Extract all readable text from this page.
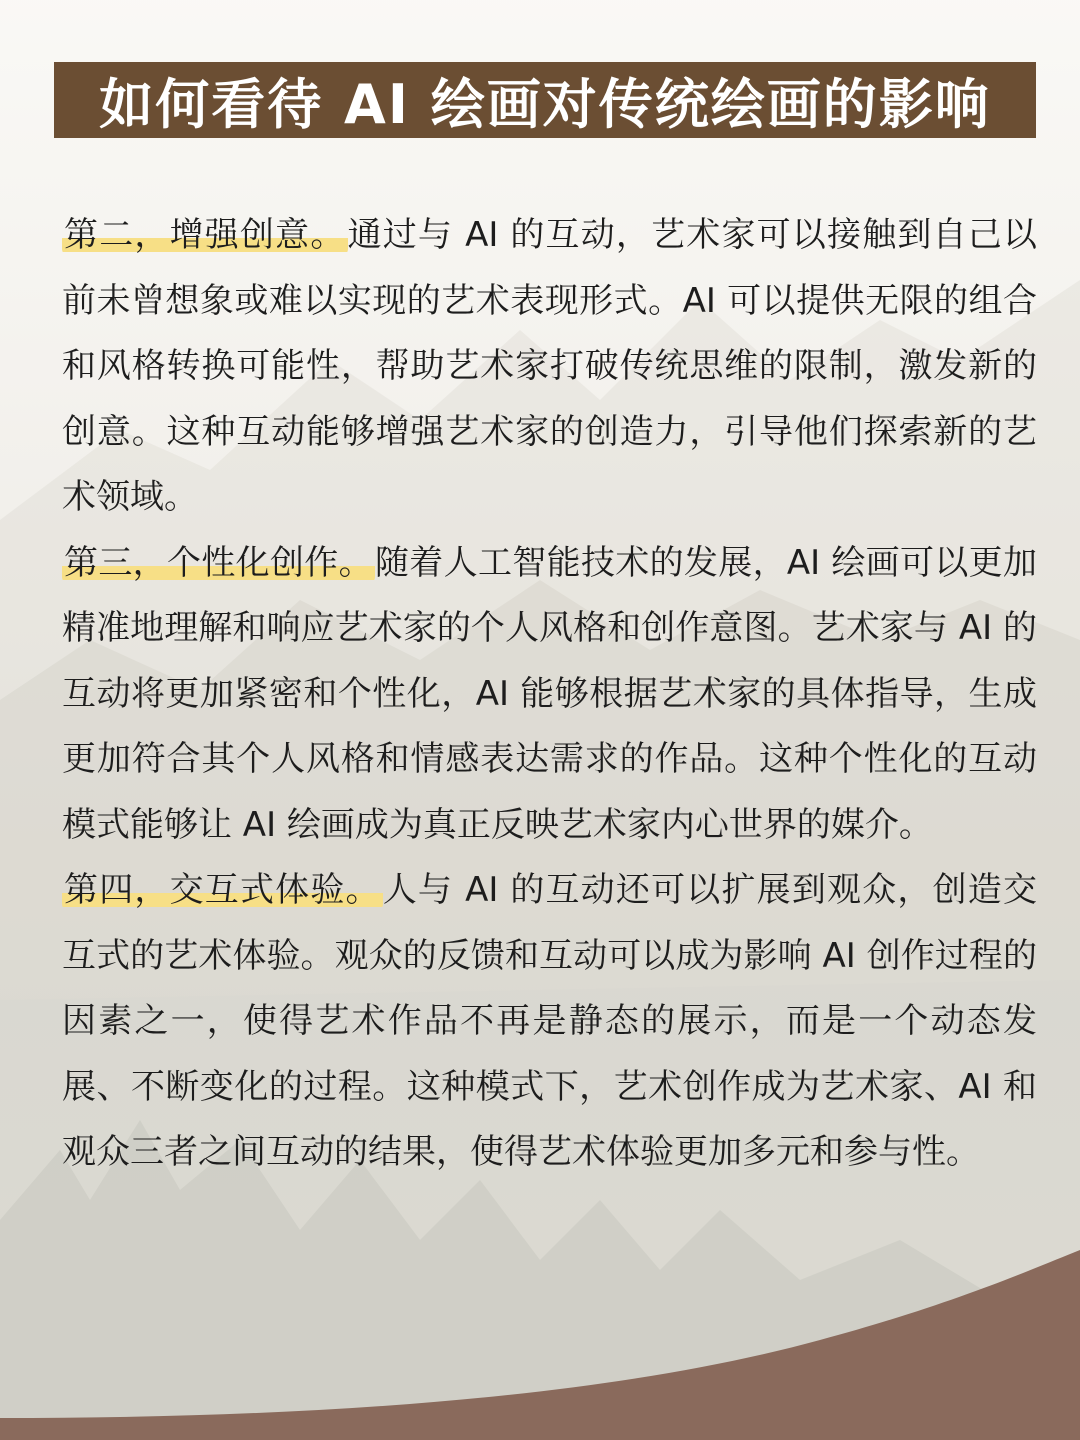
如何看待 AI 绘画对传统绘画的影响

第二，增强创意。通过与 AI 的互动，艺术家可以接触到自己以前未曾想象或难以实现的艺术表现形式。AI 可以提供无限的组合和风格转换可能性，帮助艺术家打破传统思维的限制，激发新的创意。这种互动能够增强艺术家的创造力，引导他们探索新的艺术领域。

第三，个性化创作。随着人工智能技术的发展，AI 绘画可以更加精准地理解和响应艺术家的个人风格和创作意图。艺术家与 AI 的互动将更加紧密和个性化，AI 能够根据艺术家的具体指导，生成更加符合其个人风格和情感表达需求的作品。这种个性化的互动模式能够让 AI 绘画成为真正反映艺术家内心世界的媒介。

第四，交互式体验。人与 AI 的互动还可以扩展到观众，创造交互式的艺术体验。观众的反馈和互动可以成为影响 AI 创作过程的因素之一，使得艺术作品不再是静态的展示，而是一个动态发展、不断变化的过程。这种模式下，艺术创作成为艺术家、AI 和观众三者之间互动的结果，使得艺术体验更加多元和参与性。
